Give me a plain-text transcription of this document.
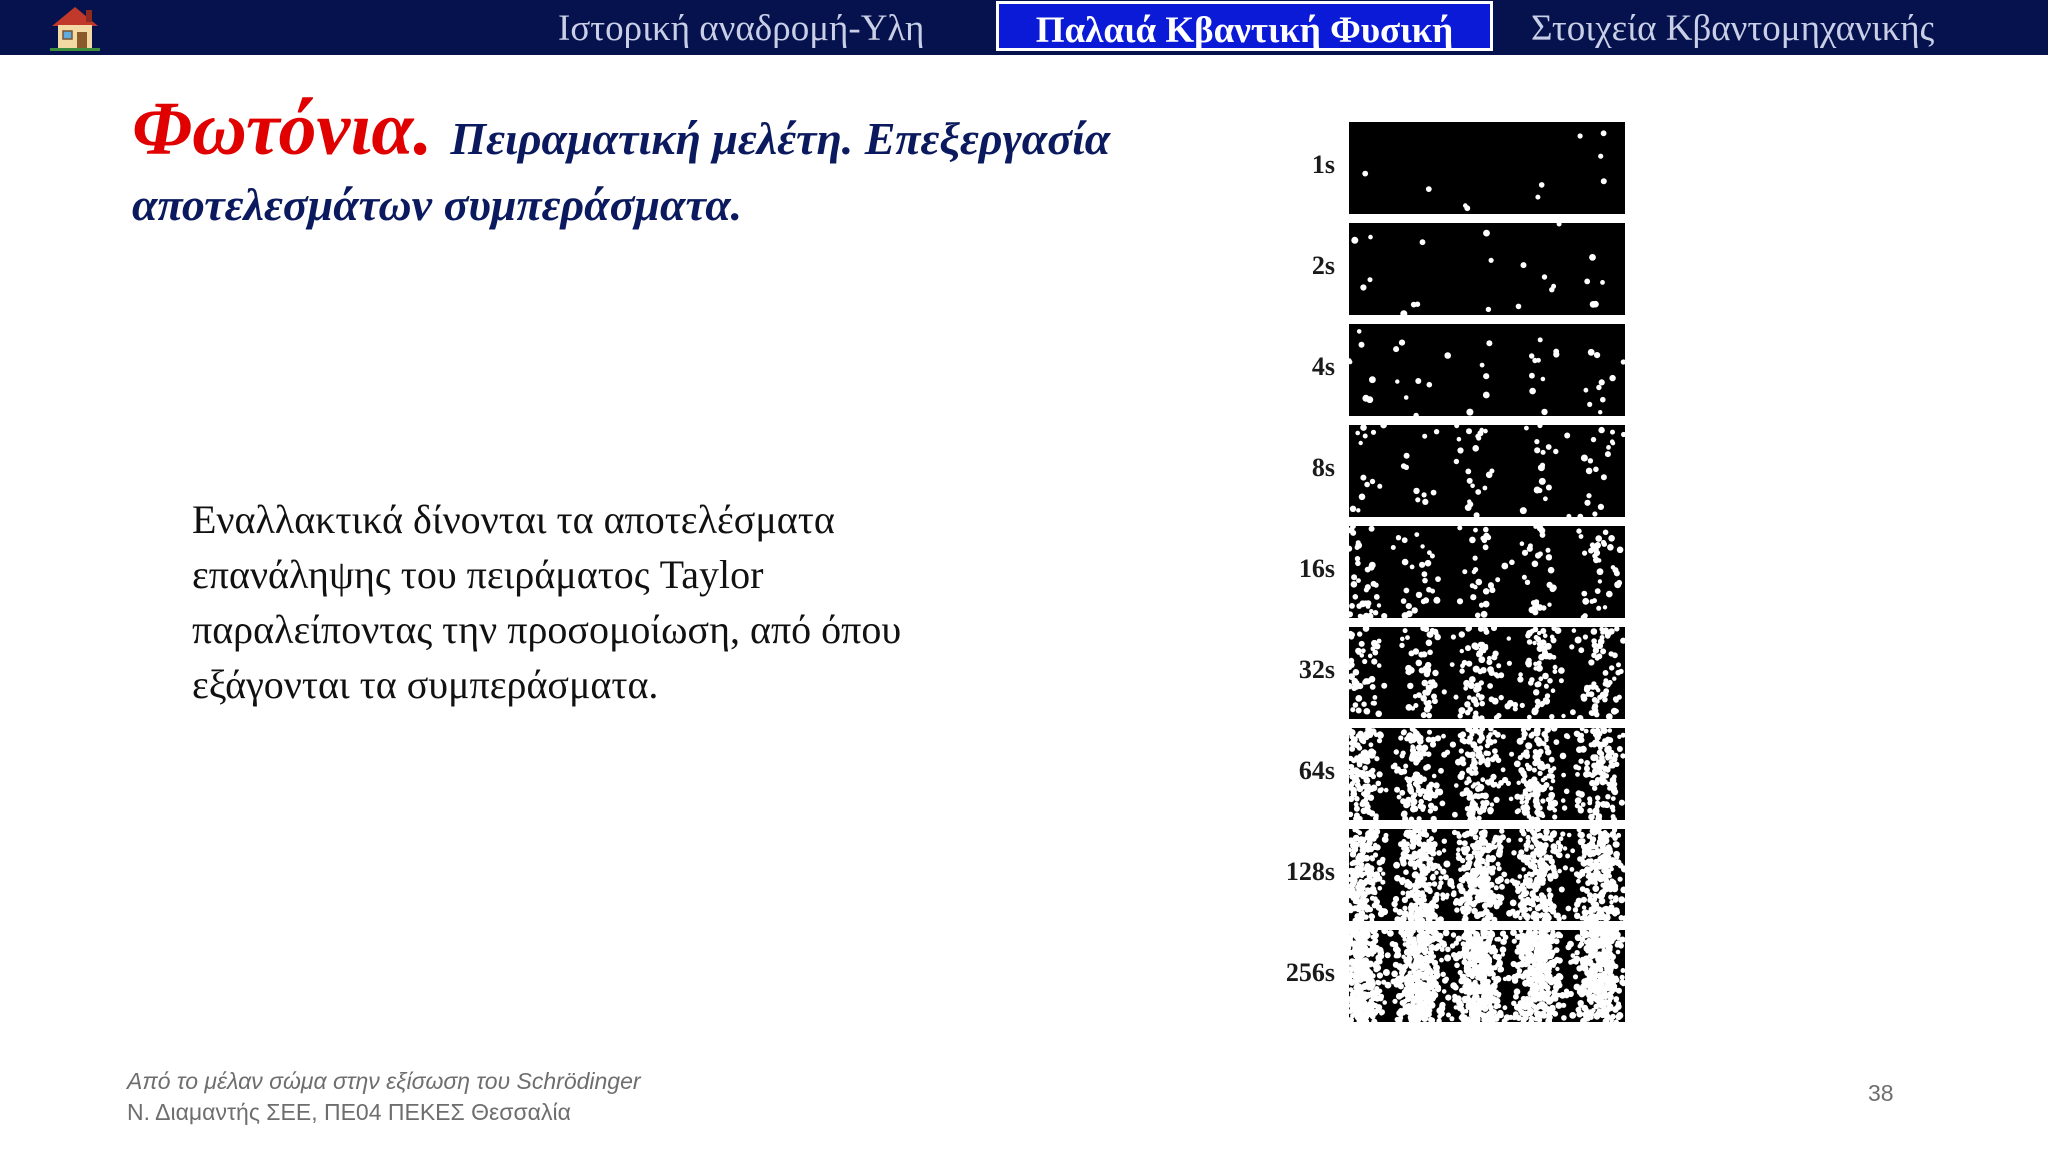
Ιστορική αναδρομή-Υλη	Παλαιά Κβαντική Φυσική	Στοιχεία Κβαντομηχανικής
Φωτόνια. Πειραματική μελέτη. Επεξεργασία
αποτελεσμάτων συμπεράσματα.
Εναλλακτικά δίνονται τα αποτελέσματα
επανάληψης του πειράματος Taylor
παραλείποντας την προσομοίωση, από όπου
εξάγονται τα συμπεράσματα.
1s
2s
4s
8s
16s
32s
64s
128s
256s
Από το μέλαν σώμα στην εξίσωση του Schrödinger
Ν. Διαμαντής ΣΕΕ, ΠΕ04 ΠΕΚΕΣ Θεσσαλία
38
